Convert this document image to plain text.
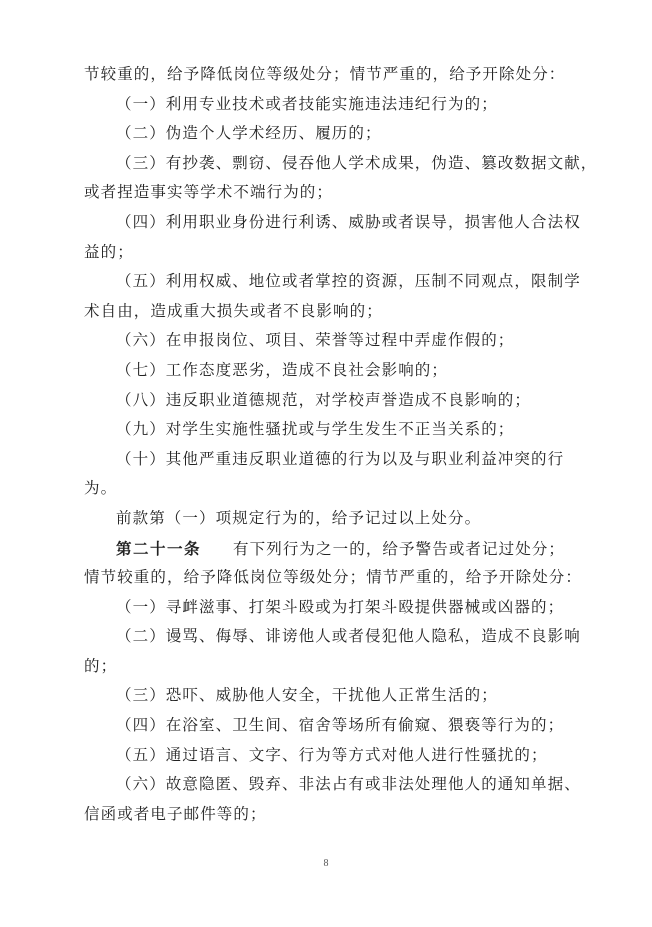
节较重的，给予降低岗位等级处分；情节严重的，给予开除处分：
（一）利用专业技术或者技能实施违法违纪行为的；
（二）伪造个人学术经历、履历的；
（三）有抄袭、剽窃、侵吞他人学术成果，伪造、篡改数据文献，
或者捏造事实等学术不端行为的；
（四）利用职业身份进行利诱、威胁或者误导，损害他人合法权
益的；
（五）利用权威、地位或者掌控的资源，压制不同观点，限制学
术自由，造成重大损失或者不良影响的；
（六）在申报岗位、项目、荣誉等过程中弄虚作假的；
（七）工作态度恶劣，造成不良社会影响的；
（八）违反职业道德规范，对学校声誉造成不良影响的；
（九）对学生实施性骚扰或与学生发生不正当关系的；
（十）其他严重违反职业道德的行为以及与职业利益冲突的行
为。
前款第（一）项规定行为的，给予记过以上处分。
第二十一条 有下列行为之一的，给予警告或者记过处分；
情节较重的，给予降低岗位等级处分；情节严重的，给予开除处分：
（一）寻衅滋事、打架斗殴或为打架斗殴提供器械或凶器的；
（二）谩骂、侮辱、诽谤他人或者侵犯他人隐私，造成不良影响
的；
（三）恐吓、威胁他人安全，干扰他人正常生活的；
（四）在浴室、卫生间、宿舍等场所有偷窥、猥亵等行为的；
（五）通过语言、文字、行为等方式对他人进行性骚扰的；
（六）故意隐匿、毁弃、非法占有或非法处理他人的通知单据、
信函或者电子邮件等的；
8
